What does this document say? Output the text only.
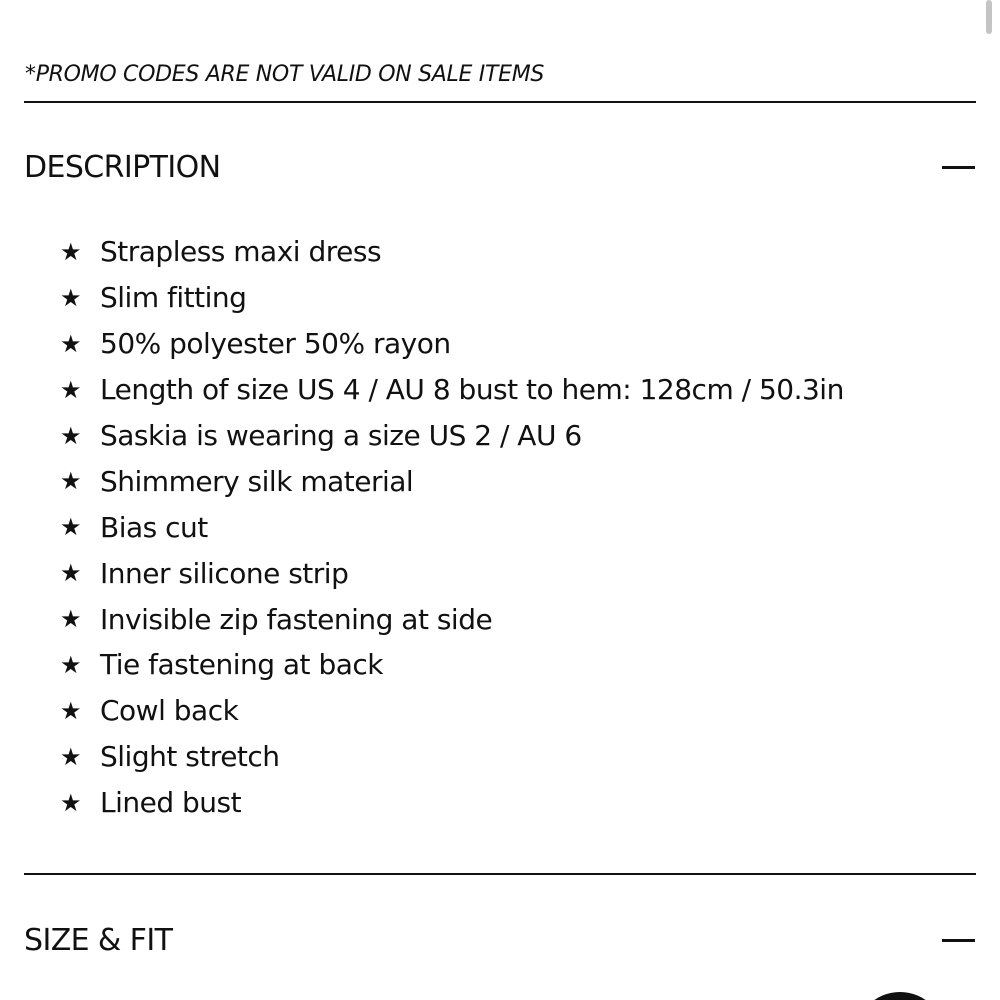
*PROMO CODES ARE NOT VALID ON SALE ITEMS
DESCRIPTION
★ Strapless maxi dress
★ Slim fitting
★ 50% polyester 50% rayon
★ Length of size US 4 / AU 8 bust to hem: 128cm / 50.3in
★ Saskia is wearing a size US 2 / AU 6
★ Shimmery silk material
★ Bias cut
★ Inner silicone strip
★ Invisible zip fastening at side
★ Tie fastening at back
★ Cowl back
★ Slight stretch
★ Lined bust
SIZE & FIT
